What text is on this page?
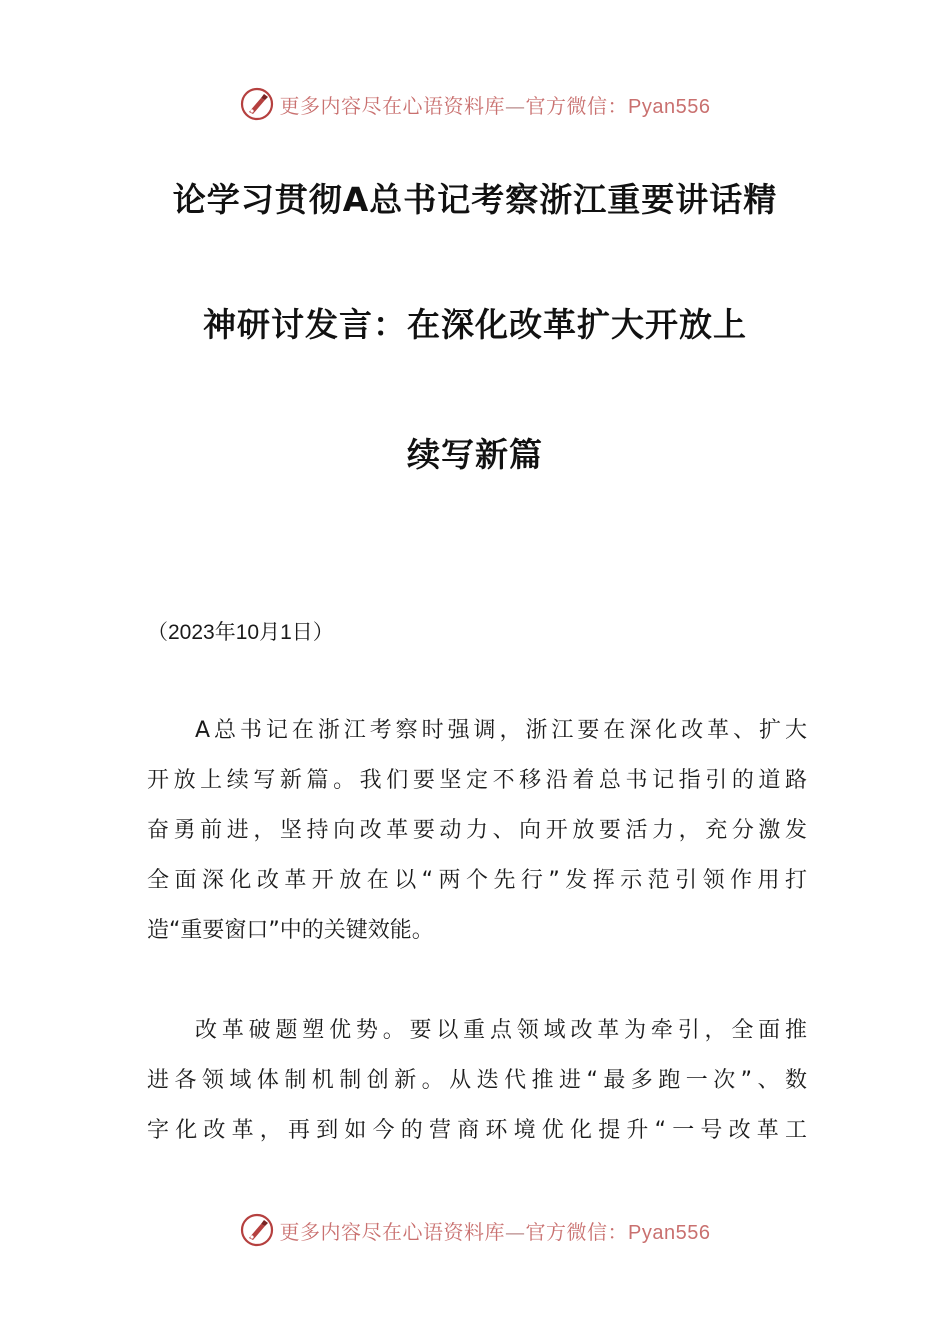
更多内容尽在心语资料库—官方微信：Pyan556
论学习贯彻A总书记考察浙江重要讲话精
神研讨发言：在深化改革扩大开放上
续写新篇
（2023年10月1日）
A总书记在浙江考察时强调，浙江要在深化改革、扩大
开放上续写新篇。我们要坚定不移沿着总书记指引的道路
奋勇前进，坚持向改革要动力、向开放要活力，充分激发
全面深化改革开放在以“两个先行”发挥示范引领作用打
造“重要窗口”中的关键效能。
改革破题塑优势。要以重点领域改革为牵引，全面推
进各领域体制机制创新。从迭代推进“最多跑一次”、数
字化改革，再到如今的营商环境优化提升“一号改革工
更多内容尽在心语资料库—官方微信：Pyan556
